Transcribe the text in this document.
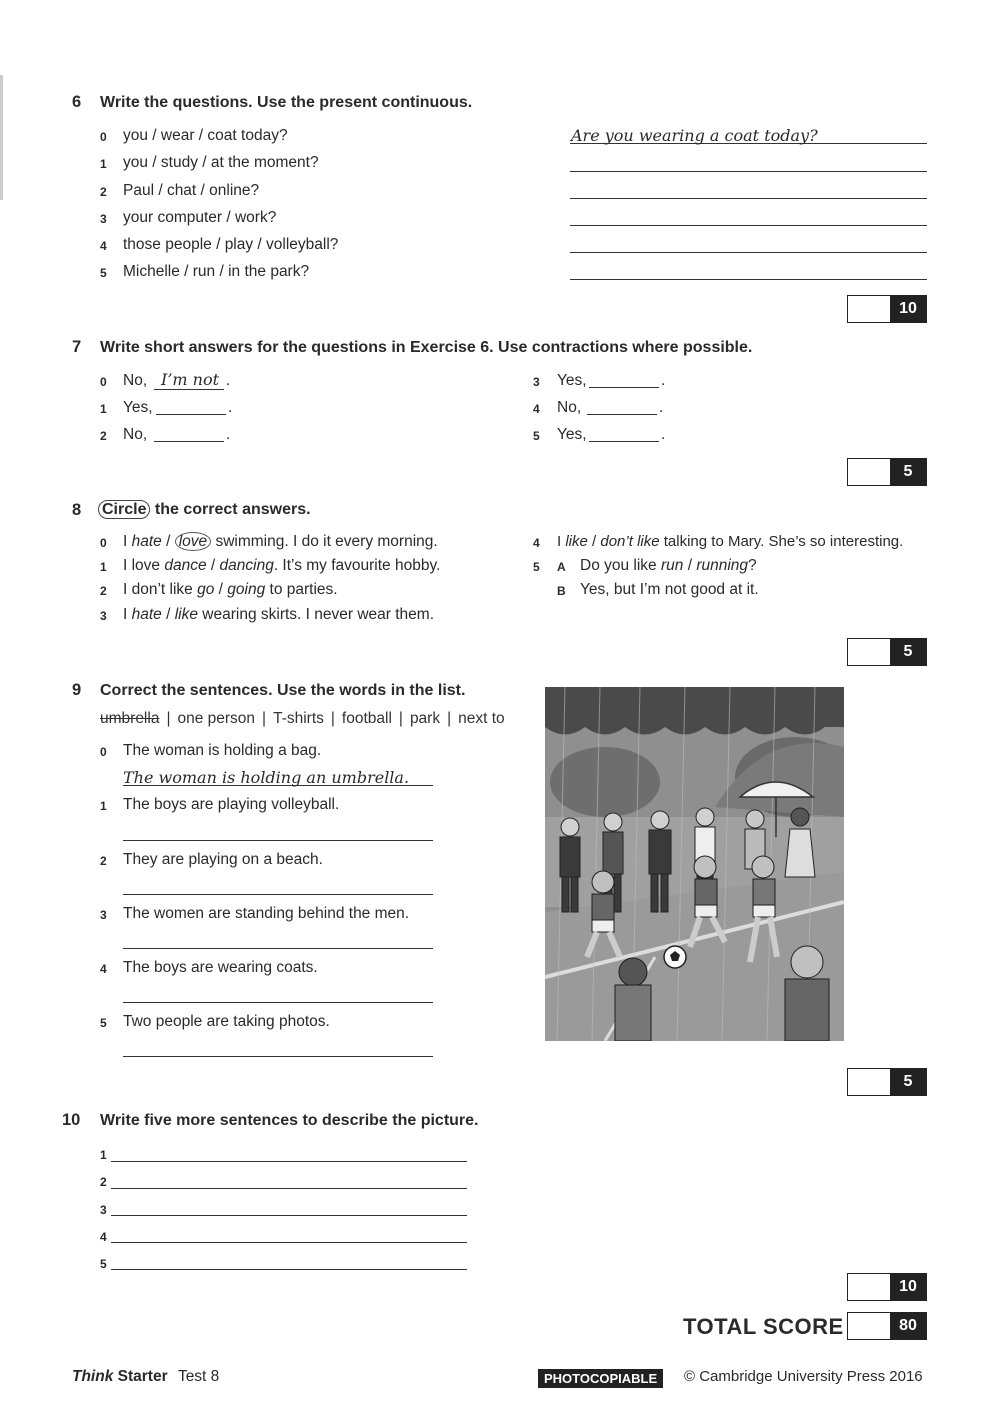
6 Write the questions. Use the present continuous.
0 you / wear / coat today?
1 you / study / at the moment?
2 Paul / chat / online?
3 your computer / work?
4 those people / play / volleyball?
5 Michelle / run / in the park?
Are you wearing a coat today?
10
7 Write short answers for the questions in Exercise 6. Use contractions where possible.
0 No, I’m not .
1 Yes,	.
2 No,	.
3 Yes,	.
4 No,	.
5 Yes,	.
5
8 Circle the correct answers.
0 I hate / love swimming. I do it every morning.
1 I love dance / dancing. It’s my favourite hobby.
2 I don’t like go / going to parties.
3 I hate / like wearing skirts. I never wear them.
4 I like / don’t like talking to Mary. She’s so interesting.
5 A Do you like run / running?
B Yes, but I’m not good at it.
5
9 Correct the sentences. Use the words in the list.
umbrella | one person | T-shirts | football | park | next to
0 The woman is holding a bag.
The woman is holding an umbrella.
1 The boys are playing volleyball.
2 They are playing on a beach.
3 The women are standing behind the men.
4 The boys are wearing coats.
5 Two people are taking photos.
5
10 Write five more sentences to describe the picture.
1
2
3
4
5
10
TOTAL SCORE	80
Think Starter Test 8	PHOTOCOPIABLE	© Cambridge University Press 2016
